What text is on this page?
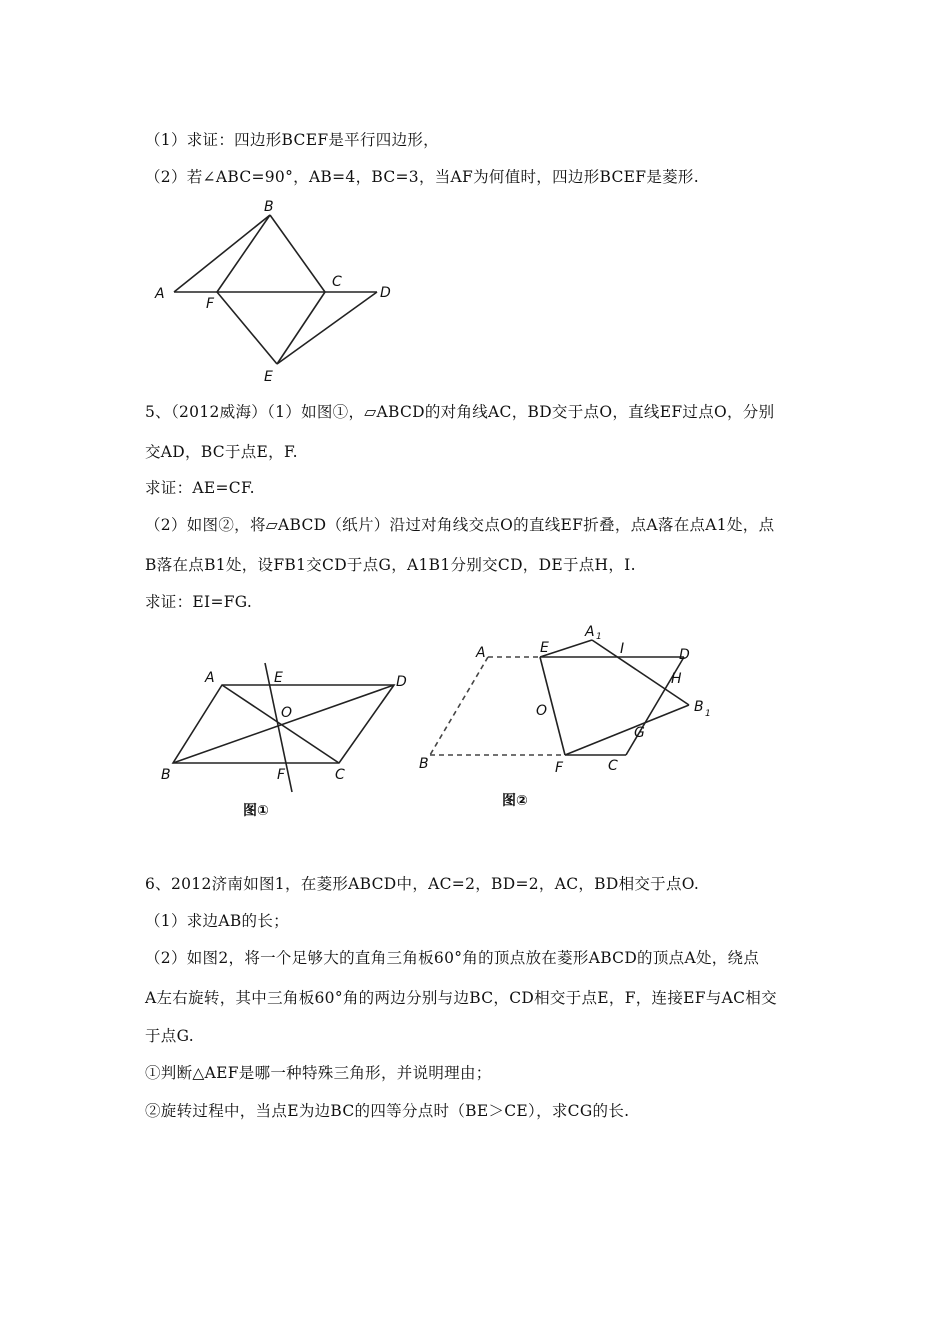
（1）求证：四边形BCEF是平行四边形，
（2）若∠ABC=90°，AB=4，BC=3，当AF为何值时，四边形BCEF是菱形.
B
A
F
C
D
E
5、（2012威海）（1）如图①，▱ABCD的对角线AC，BD交于点O，直线EF过点O，分别
交AD，BC于点E，F.
求证：AE=CF.
（2）如图②，将▱ABCD（纸片）沿过对角线交点O的直线EF折叠，点A落在点A1处，点
B落在点B1处，设FB1交CD于点G，A1B1分别交CD，DE于点H，I.
求证：EI=FG.
A	E	D
O
B	F	C
图①
A	E
A 1
I	D
H
B 1
O
G
B	F	C
图②
6、2012济南如图1，在菱形ABCD中，AC=2，BD=2，AC，BD相交于点O.
（1）求边AB的长；
（2）如图2，将一个足够大的直角三角板60°角的顶点放在菱形ABCD的顶点A处，绕点
A左右旋转，其中三角板60°角的两边分别与边BC，CD相交于点E，F，连接EF与AC相交
于点G.
①判断△AEF是哪一种特殊三角形，并说明理由；
②旋转过程中，当点E为边BC的四等分点时（BE＞CE），求CG的长.
